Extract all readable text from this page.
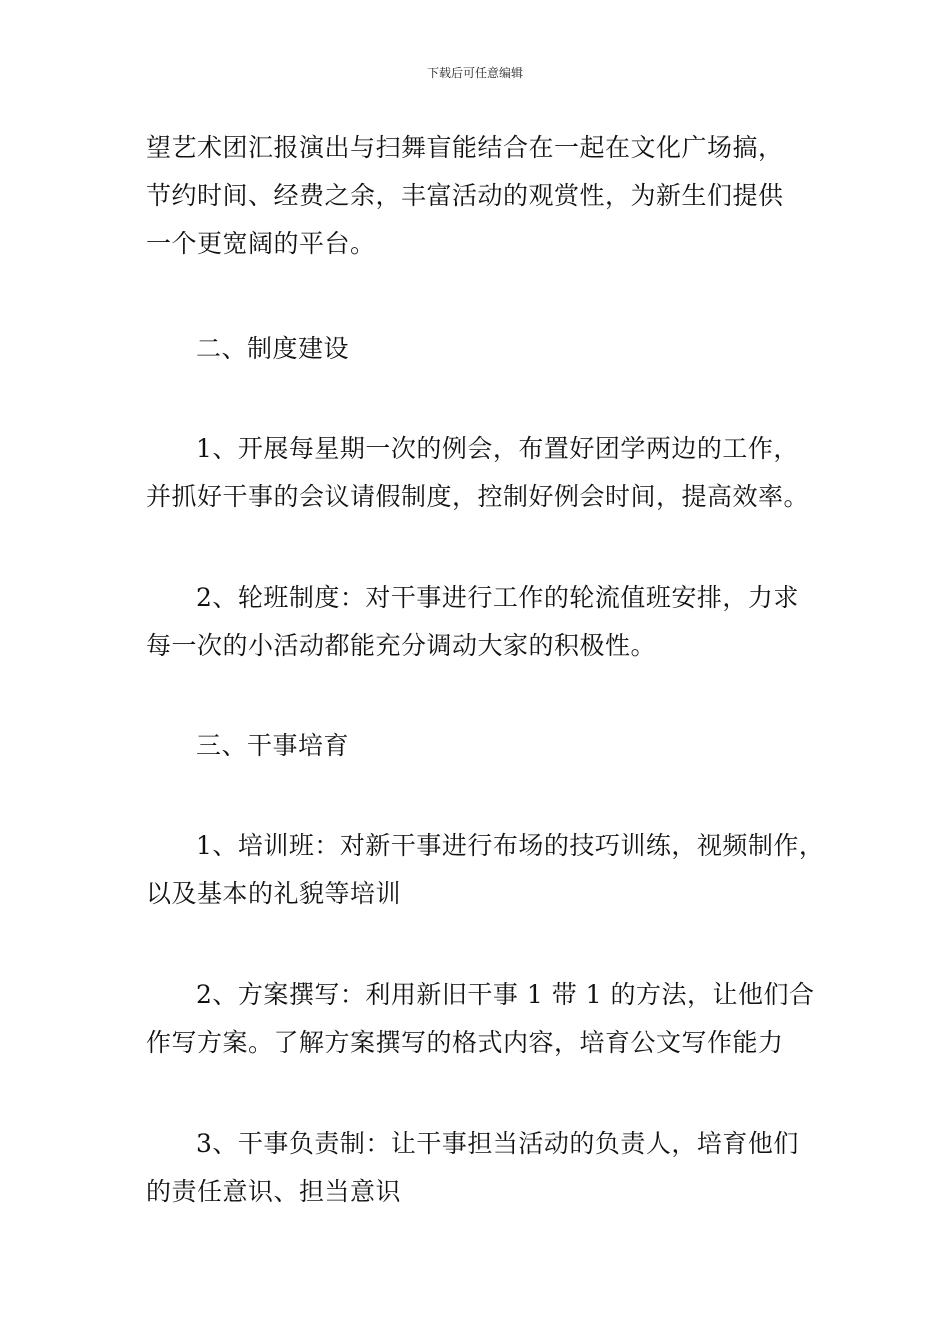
下载后可任意编辑

望艺术团汇报演出与扫舞盲能结合在一起在文化广场搞，
节约时间、经费之余，丰富活动的观赏性，为新生们提供
一个更宽阔的平台。

二、制度建设

1、开展每星期一次的例会，布置好团学两边的工作，
并抓好干事的会议请假制度，控制好例会时间，提高效率。

2、轮班制度：对干事进行工作的轮流值班安排，力求
每一次的小活动都能充分调动大家的积极性。

三、干事培育

1、培训班：对新干事进行布场的技巧训练，视频制作，
以及基本的礼貌等培训

2、方案撰写：利用新旧干事 1 带 1 的方法，让他们合
作写方案。了解方案撰写的格式内容，培育公文写作能力

3、干事负责制：让干事担当活动的负责人，培育他们
的责任意识、担当意识
